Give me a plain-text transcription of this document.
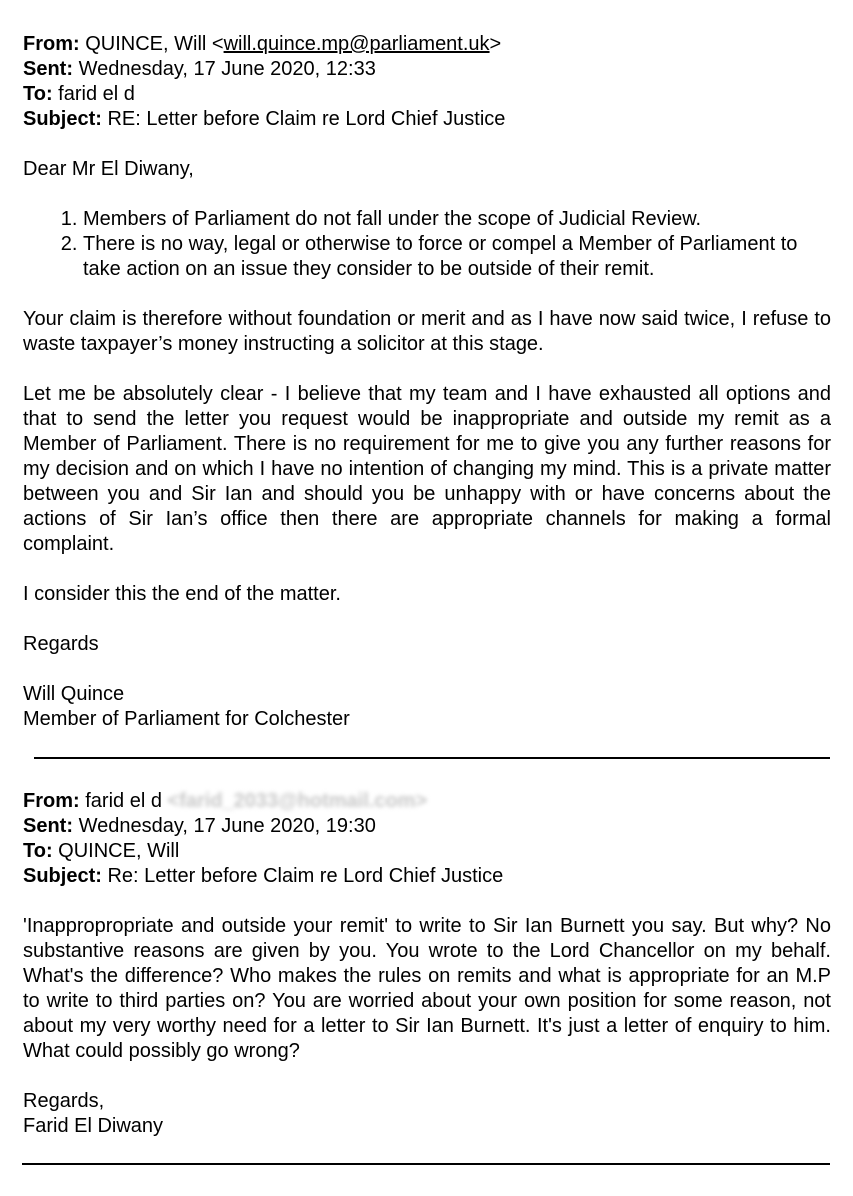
From: QUINCE, Will <will.quince.mp@parliament.uk>
Sent: Wednesday, 17 June 2020, 12:33
To: farid el d
Subject: RE: Letter before Claim re Lord Chief Justice

Dear Mr El Diwany,

1. Members of Parliament do not fall under the scope of Judicial Review.
2. There is no way, legal or otherwise to force or compel a Member of Parliament to take action on an issue they consider to be outside of their remit.

Your claim is therefore without foundation or merit and as I have now said twice, I refuse to waste taxpayer’s money instructing a solicitor at this stage.

Let me be absolutely clear - I believe that my team and I have exhausted all options and that to send the letter you request would be inappropriate and outside my remit as a Member of Parliament. There is no requirement for me to give you any further reasons for my decision and on which I have no intention of changing my mind. This is a private matter between you and Sir Ian and should you be unhappy with or have concerns about the actions of Sir Ian’s office then there are appropriate channels for making a formal complaint.

I consider this the end of the matter.

Regards

Will Quince

Member of Parliament for Colchester

From: farid el d <farid_2033@hotmail.com>
Sent: Wednesday, 17 June 2020, 19:30
To: QUINCE, Will
Subject: Re: Letter before Claim re Lord Chief Justice

'Inappropropriate and outside your remit' to write to Sir Ian Burnett you say. But why? No substantive reasons are given by you. You wrote to the Lord Chancellor on my behalf. What's the difference? Who makes the rules on remits and what is appropriate for an M.P to write to third parties on? You are worried about your own position for some reason, not about my very worthy need for a letter to Sir Ian Burnett. It's just a letter of enquiry to him. What could possibly go wrong?

Regards,

Farid El Diwany
